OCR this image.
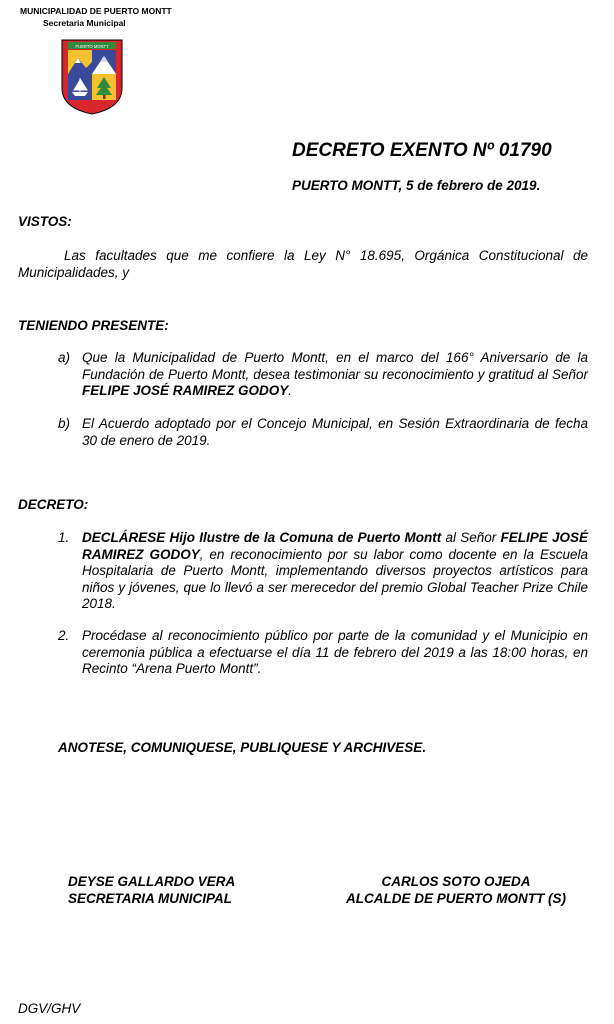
MUNICIPALIDAD DE PUERTO MONTT
Secretaria Municipal
PUERTO MONTT
DECRETO EXENTO Nº 01790
PUERTO MONTT, 5 de febrero de 2019.
VISTOS:
Las facultades que me confiere la Ley N° 18.695, Orgánica Constitucional de Municipalidades, y
TENIENDO PRESENTE:
a) Que la Municipalidad de Puerto Montt, en el marco del 166° Aniversario de la Fundación de Puerto Montt, desea testimoniar su reconocimiento y gratitud al Señor FELIPE JOSÉ RAMIREZ GODOY.
b) El Acuerdo adoptado por el Concejo Municipal, en Sesión Extraordinaria de fecha 30 de enero de 2019.
DECRETO:
1. DECLÁRESE Hijo Ilustre de la Comuna de Puerto Montt al Señor FELIPE JOSÉ RAMIREZ GODOY, en reconocimiento por su labor como docente en la Escuela Hospitalaria de Puerto Montt, implementando diversos proyectos artísticos para niños y jóvenes, que lo llevó a ser merecedor del premio Global Teacher Prize Chile 2018.
2. Procédase al reconocimiento público por parte de la comunidad y el Municipio en ceremonia pública a efectuarse el día 11 de febrero del 2019 a las 18:00 horas, en Recinto “Arena Puerto Montt”.
ANOTESE, COMUNIQUESE, PUBLIQUESE Y ARCHIVESE.
DEYSE GALLARDO VERA
SECRETARIA MUNICIPAL
CARLOS SOTO OJEDA
ALCALDE DE PUERTO MONTT (S)
DGV/GHV
